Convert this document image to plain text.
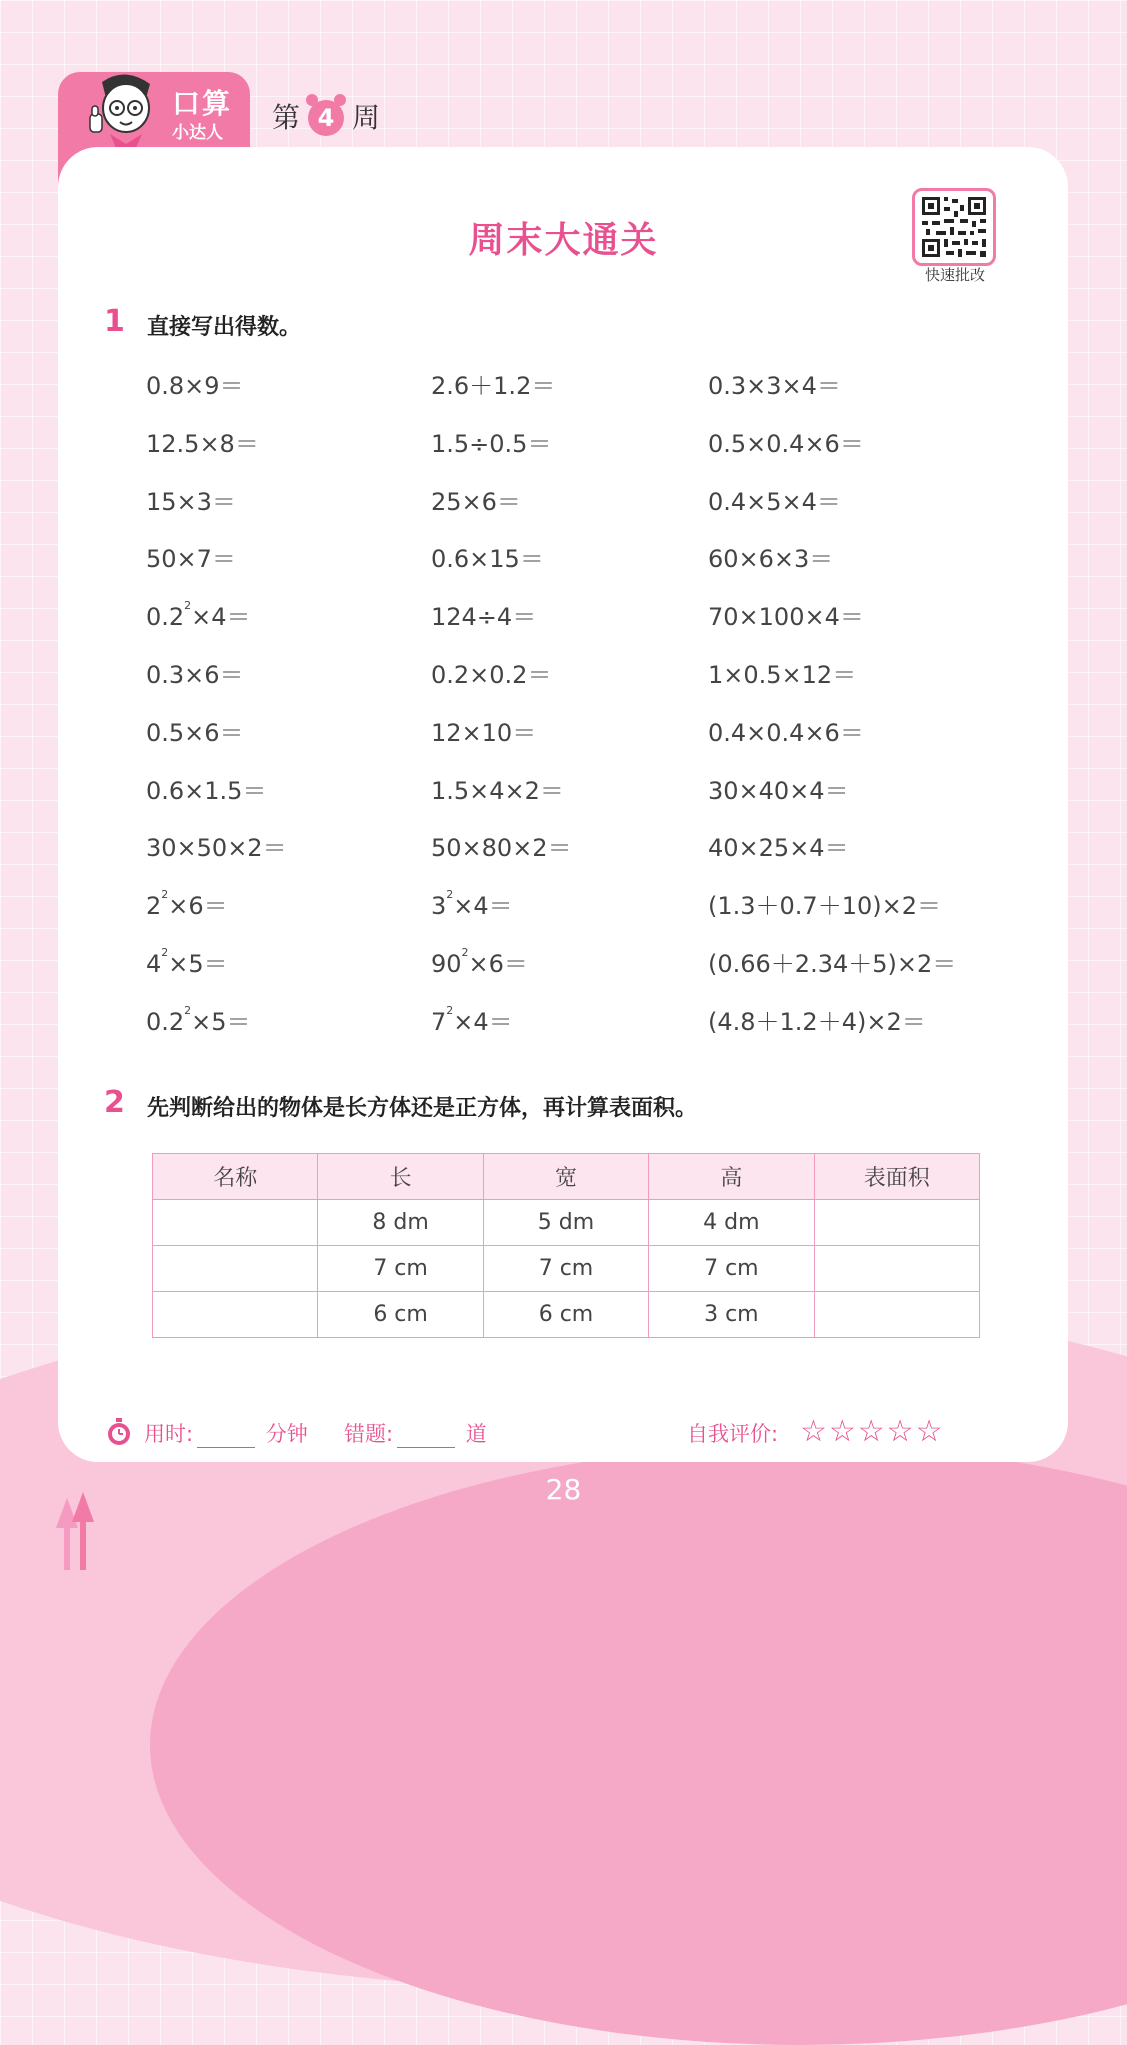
口算
小达人 第 4 周
周末大通关
快速批改
1 直接写出得数。
0.8×9＝	2.6＋1.2＝	0.3×3×4＝
12.5×8＝	1.5÷0.5＝	0.5×0.4×6＝
15×3＝	25×6＝	0.4×5×4＝
50×7＝	0.6×15＝	60×6×3＝
$0.2^2\times 4=$	124÷4＝	70×100×4＝
0.3×6＝	0.2×0.2＝	1×0.5×12＝
0.5×6＝	12×10＝	0.4×0.4×6＝
0.6×1.5＝	1.5×4×2＝	30×40×4＝
30×50×2＝	50×80×2＝	40×25×4＝
$2^2\times 6=$	$3^2\times 4=$	(1.3＋0.7＋10)×2＝
$4^2\times 5=$	$90^2\times 6=$	(0.66＋2.34＋5)×2＝
$0.2^2\times 5=$	$7^2\times 4=$	(4.8＋1.2＋4)×2＝
2 先判断给出的物体是长方体还是正方体，再计算表面积。
名称	长	宽	高	表面积
	8 dm	5 dm	4 dm	
	7 cm	7 cm	7 cm	
	6 cm	6 cm	3 cm	
用时:	分钟 错题:	道	自我评价: ☆☆☆☆☆
28
